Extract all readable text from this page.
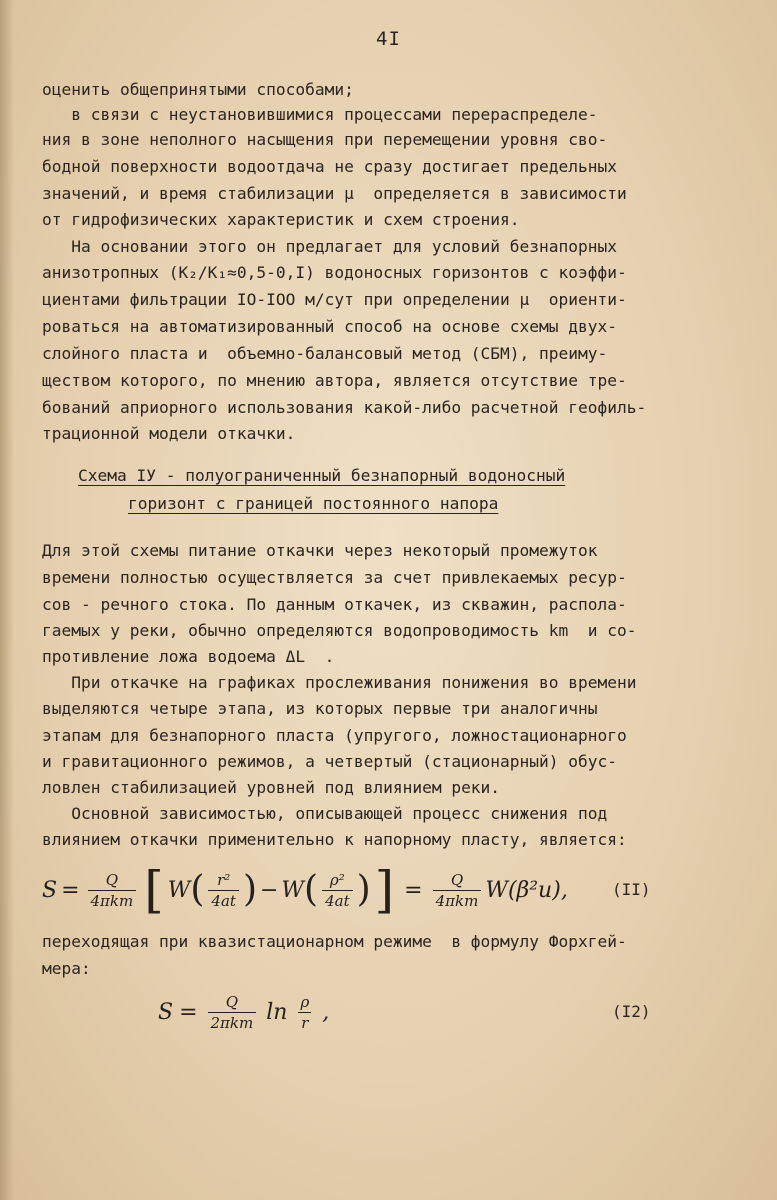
4I
оценить общепринятыми способами;
в связи с неустановившимися процессами перераспределе-
ния в зоне неполного насыщения при перемещении уровня сво-
бодной поверхности водоотдача не сразу достигает предельных
значений, и время стабилизации μ  определяется в зависимости
от гидрофизических характеристик и схем строения.
На основании этого он предлагает для условий безнапорных
анизотропных (K₂/K₁≈0,5-0,I) водоносных горизонтов с коэффи-
циентами фильтрации IO-IOO м/сут при определении μ  ориенти-
роваться на автоматизированный способ на основе схемы двух-
слойного пласта и  объемно-балансовый метод (СБМ), преиму-
ществом которого, по мнению автора, является отсутствие тре-
бований априорного использования какой-либо расчетной геофиль-
трационной модели откачки.
Схема IУ - полуограниченный безнапорный водоносный
горизонт с границей постоянного напора
Для этой схемы питание откачки через некоторый промежуток
времени полностью осуществляется за счет привлекаемых ресур-
сов - речного стока. По данным откачек, из скважин, распола-
гаемых у реки, обычно определяются водопроводимость km  и со-
противление ложа водоема ΔL  .
При откачке на графиках прослеживания понижения во времени
выделяются четыре этапа, из которых первые три аналогичны
этапам для безнапорного пласта (упругого, ложностационарного
и гравитационного режимов, а четвертый (стационарный) обус-
ловлен стабилизацией уровней под влиянием реки.
Основной зависимостью, описывающей процесс снижения под
влиянием откачки применительно к напорному пласту, является:
$S = \frac{Q}{\text{4πkm}}$ [ W ( $\frac{\text{r²}}{4at}$ ) − W ( $\frac{\text{ρ²}}{4at}$ ) ] = $\frac{Q}{\text{4πkm}} W(\beta^2u)$,	(II)
переходящая при квазистационарном режиме  в формулу Форхгей-
мера:
$S = \frac{Q}{\text{2πkm}}$ $\ln \frac{\rho}{r}$ ,	(I2)
